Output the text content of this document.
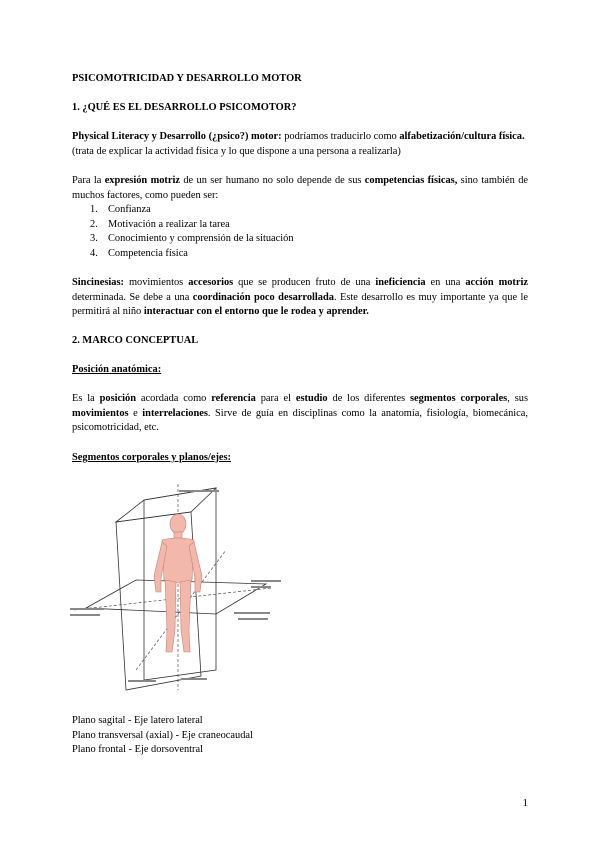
PSICOMOTRICIDAD Y DESARROLLO MOTOR
1. ¿QUÉ ES EL DESARROLLO PSICOMOTOR?
Physical Literacy y Desarrollo (¿psico?) motor: podríamos traducirlo como alfabetización/cultura física. (trata de explicar la actividad física y lo que dispone a una persona a realizarla)
Para la expresión motriz de un ser humano no solo depende de sus competencias físicas, sino también de muchos factores, como pueden ser:
1. Confianza
2. Motivación a realizar la tarea
3. Conocimiento y comprensión de la situación
4. Competencia física
Sincinesias: movimientos accesorios que se producen fruto de una ineficiencia en una acción motriz determinada. Se debe a una coordinación poco desarrollada. Este desarrollo es muy importante ya que le permitirá al niño interactuar con el entorno que le rodea y aprender.
2. MARCO CONCEPTUAL
Posición anatómica:
Es la posición acordada como referencia para el estudio de los diferentes segmentos corporales, sus movimientos e interrelaciones. Sirve de guía en disciplinas como la anatomía, fisiología, biomecánica, psicomotricidad, etc.
Segmentos corporales y planos/ejes:
Plano sagital - Eje latero lateral
Plano transversal (axial) - Eje craneocaudal
Plano frontal - Eje dorsoventral
1
